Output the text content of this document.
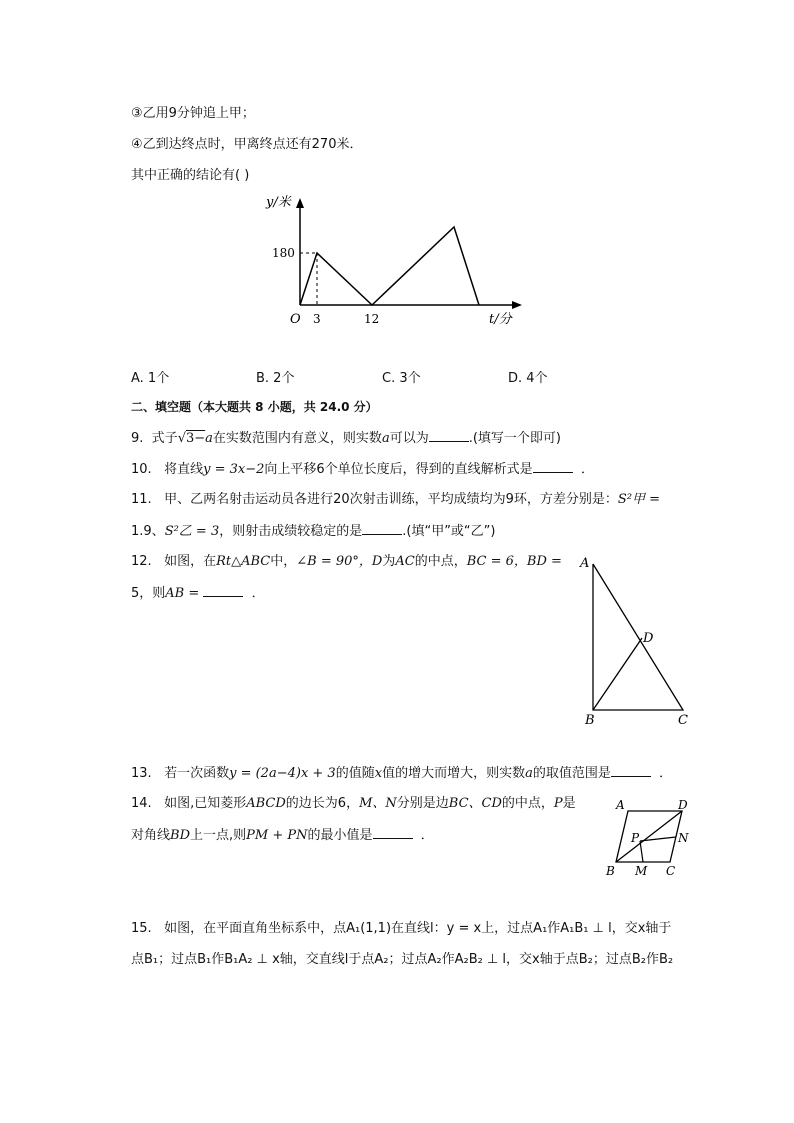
③乙用9分钟追上甲；
④乙到达终点时，甲离终点还有270米．
其中正确的结论有( )
y/米
t/分
O
180
3	12
A. 1个	B. 2个	C. 3个	D. 4个
二、填空题（本大题共 8 小题，共 24.0 分）
9. 式子√3−a在实数范围内有意义，则实数a可以为	.(填写一个即可)
10. 将直线y = 3x−2向上平移6个单位长度后，得到的直线解析式是	．
11. 甲、乙两名射击运动员各进行20次射击训练，平均成绩均为9环，方差分别是：S²甲 =
1.9、S²乙 = 3，则射击成绩较稳定的是	.(填“甲”或“乙”)
12. 如图，在Rt△ABC中，∠B = 90°，D为AC的中点，BC = 6，BD =
5，则AB =	．
A
B	C
D
13. 若一次函数y = (2a−4)x + 3的值随x值的增大而增大，则实数a的取值范围是	．
14. 如图,已知菱形ABCD的边长为6，M、N分别是边BC、CD的中点，P是
对角线BD上一点,则PM + PN的最小值是	．
A	D
N
P
B M C
15. 如图，在平面直角坐标系中，点A₁(1,1)在直线l：y = x上，过点A₁作A₁B₁ ⊥ l，交x轴于
点B₁；过点B₁作B₁A₂ ⊥ x轴，交直线l于点A₂；过点A₂作A₂B₂ ⊥ l，交x轴于点B₂；过点B₂作B₂
